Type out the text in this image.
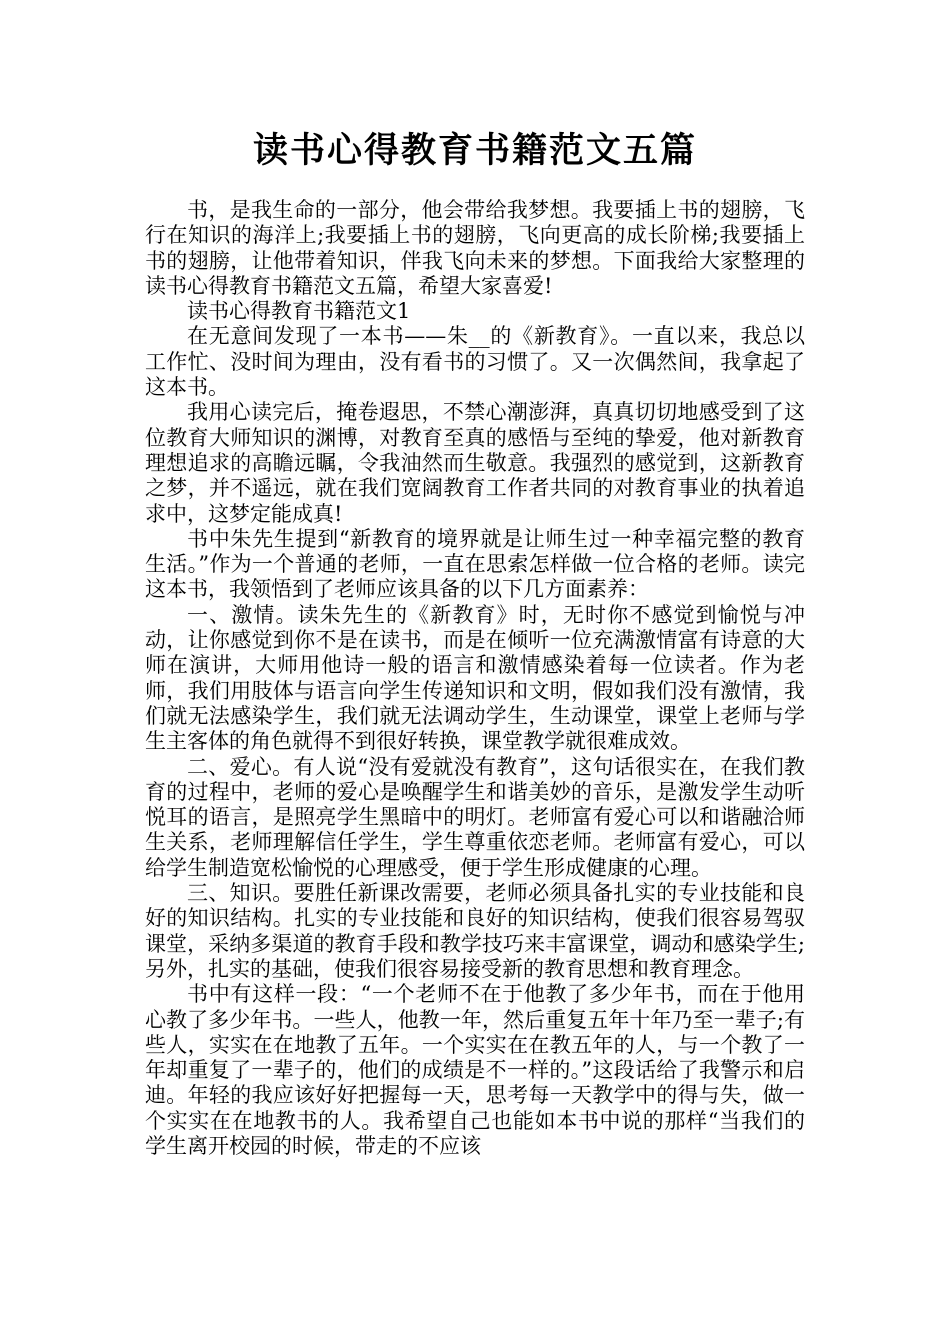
读书心得教育书籍范文五篇

书，是我生命的一部分，他会带给我梦想。我要插上书的翅膀，飞行在知识的海洋上;我要插上书的翅膀，飞向更高的成长阶梯;我要插上书的翅膀，让他带着知识，伴我飞向未来的梦想。下面我给大家整理的读书心得教育书籍范文五篇，希望大家喜爱!

读书心得教育书籍范文1

在无意间发现了一本书——朱__的《新教育》。一直以来，我总以工作忙、没时间为理由，没有看书的习惯了。又一次偶然间，我拿起了这本书。

我用心读完后，掩卷遐思，不禁心潮澎湃，真真切切地感受到了这位教育大师知识的渊博，对教育至真的感悟与至纯的挚爱，他对新教育理想追求的高瞻远瞩，令我油然而生敬意。我强烈的感觉到，这新教育之梦，并不遥远，就在我们宽阔教育工作者共同的对教育事业的执着追求中，这梦定能成真!

书中朱先生提到“新教育的境界就是让师生过一种幸福完整的教育生活。”作为一个普通的老师，一直在思索怎样做一位合格的老师。读完这本书，我领悟到了老师应该具备的以下几方面素养：

一、激情。读朱先生的《新教育》时，无时你不感觉到愉悦与冲动，让你感觉到你不是在读书，而是在倾听一位充满激情富有诗意的大师在演讲，大师用他诗一般的语言和激情感染着每一位读者。作为老师，我们用肢体与语言向学生传递知识和文明，假如我们没有激情，我们就无法感染学生，我们就无法调动学生，生动课堂，课堂上老师与学生主客体的角色就得不到很好转换，课堂教学就很难成效。

二、爱心。有人说“没有爱就没有教育”，这句话很实在，在我们教育的过程中，老师的爱心是唤醒学生和谐美妙的音乐，是激发学生动听悦耳的语言，是照亮学生黑暗中的明灯。老师富有爱心可以和谐融洽师生关系，老师理解信任学生，学生尊重依恋老师。老师富有爱心，可以给学生制造宽松愉悦的心理感受，便于学生形成健康的心理。

三、知识。要胜任新课改需要，老师必须具备扎实的专业技能和良好的知识结构。扎实的专业技能和良好的知识结构，使我们很容易驾驭课堂，采纳多渠道的教育手段和教学技巧来丰富课堂，调动和感染学生;另外，扎实的基础，使我们很容易接受新的教育思想和教育理念。

书中有这样一段：“一个老师不在于他教了多少年书，而在于他用心教了多少年书。一些人，他教一年，然后重复五年十年乃至一辈子;有些人，实实在在地教了五年。一个实实在在教五年的人，与一个教了一年却重复了一辈子的，他们的成绩是不一样的。”这段话给了我警示和启迪。年轻的我应该好好把握每一天，思考每一天教学中的得与失，做一个实实在在地教书的人。我希望自己也能如本书中说的那样“当我们的学生离开校园的时候，带走的不应该
